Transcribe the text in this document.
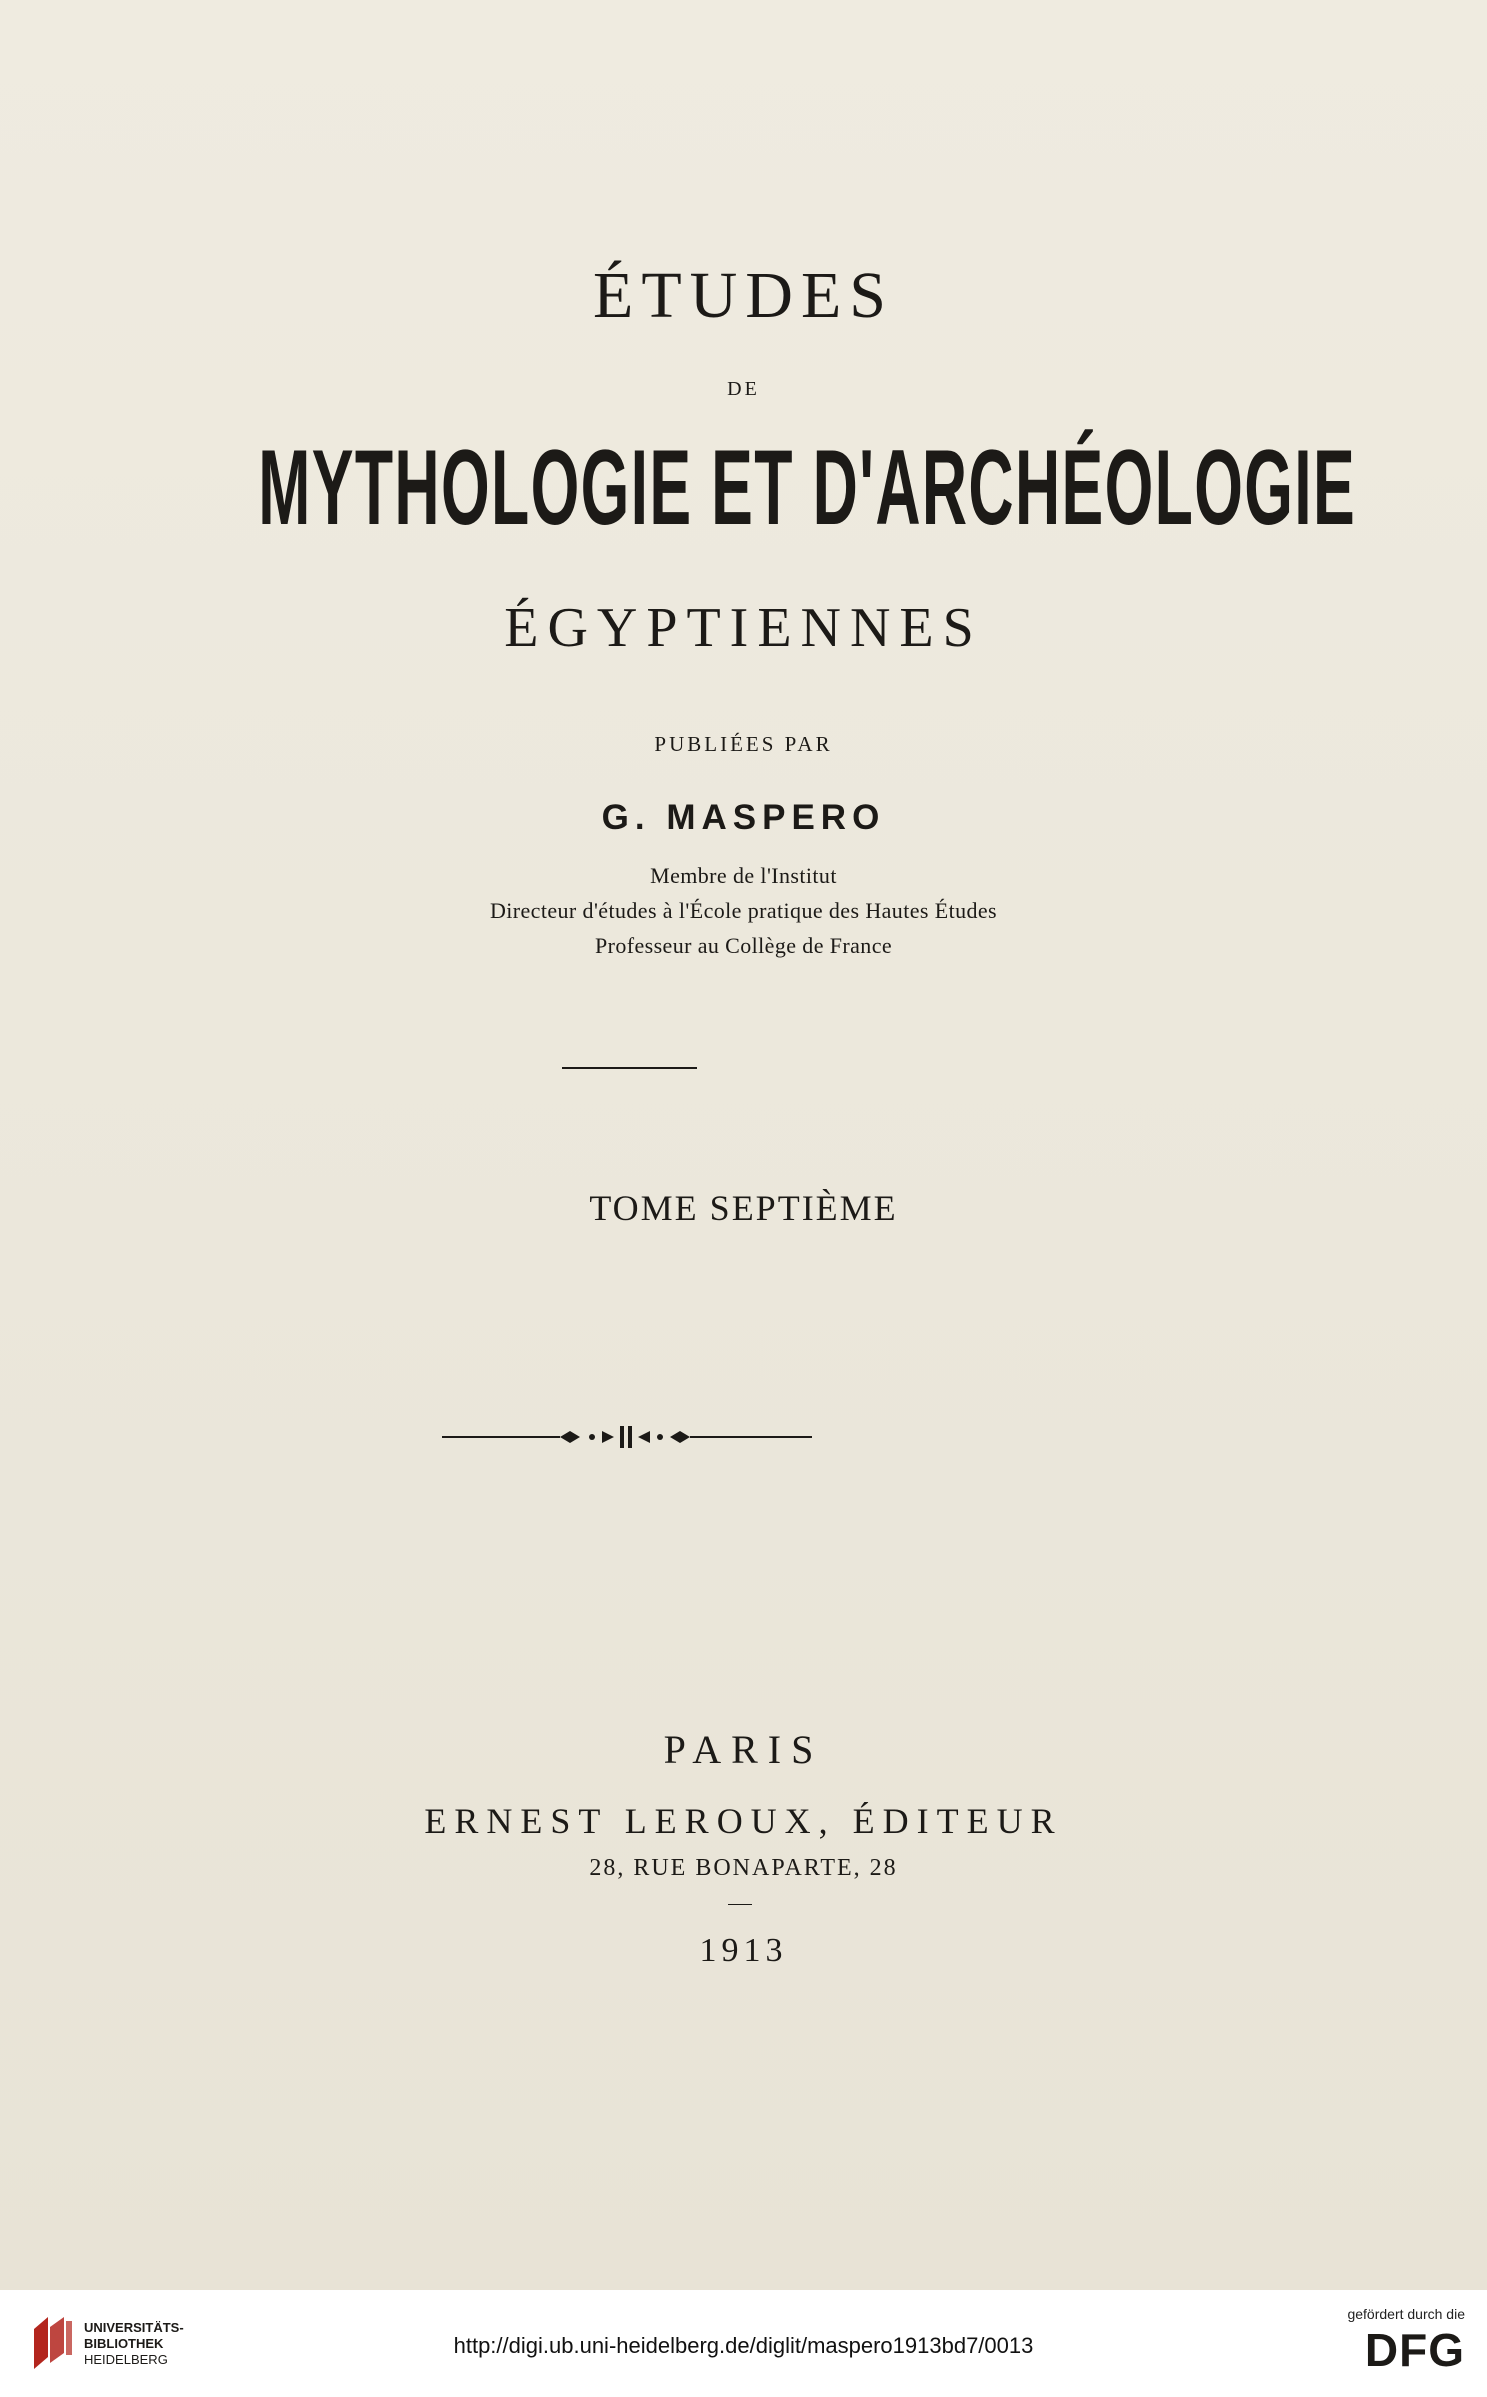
ÉTUDES
DE
MYTHOLOGIE ET D'ARCHÉOLOGIE
ÉGYPTIENNES
PUBLIÉES PAR
G. MASPERO
Membre de l'Institut
Directeur d'études à l'École pratique des Hautes Études
Professeur au Collège de France
TOME SEPTIÈME
PARIS
ERNEST LEROUX, ÉDITEUR
28, RUE BONAPARTE, 28
1913
UNIVERSITÄTS-
BIBLIOTHEK
HEIDELBERG
http://digi.ub.uni-heidelberg.de/diglit/maspero1913bd7/0013
gefördert durch die
DFG
